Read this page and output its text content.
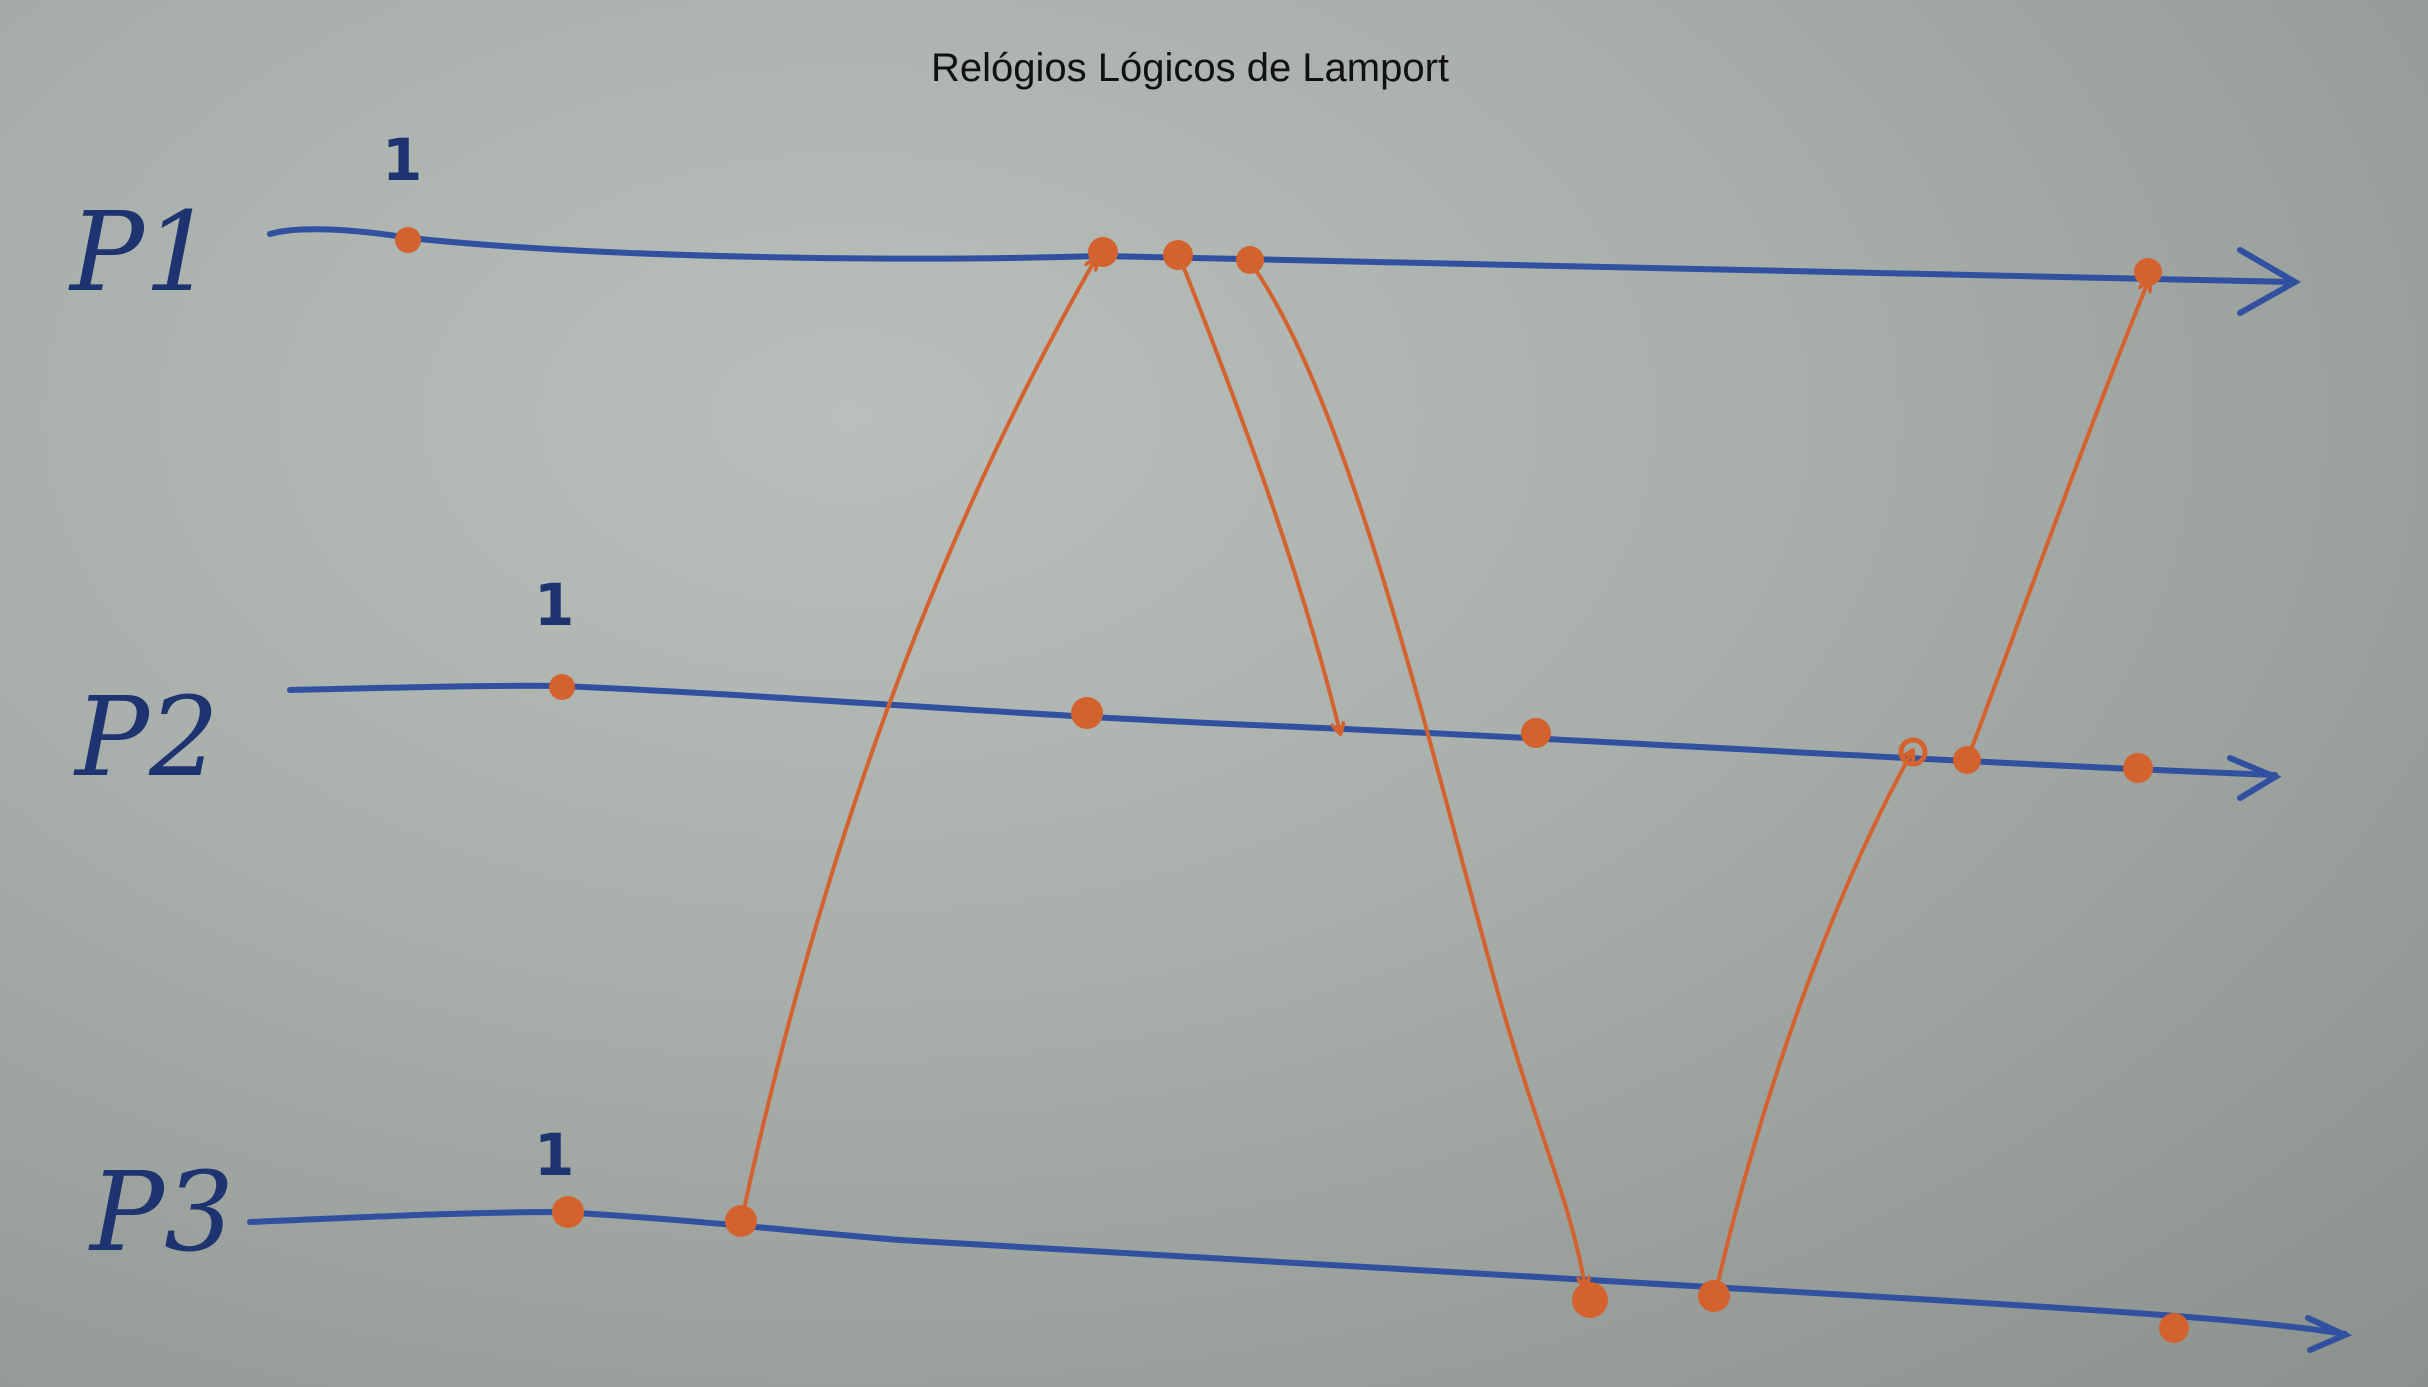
Relógios Lógicos de Lamport
P1
P2
P3
1
1
1
